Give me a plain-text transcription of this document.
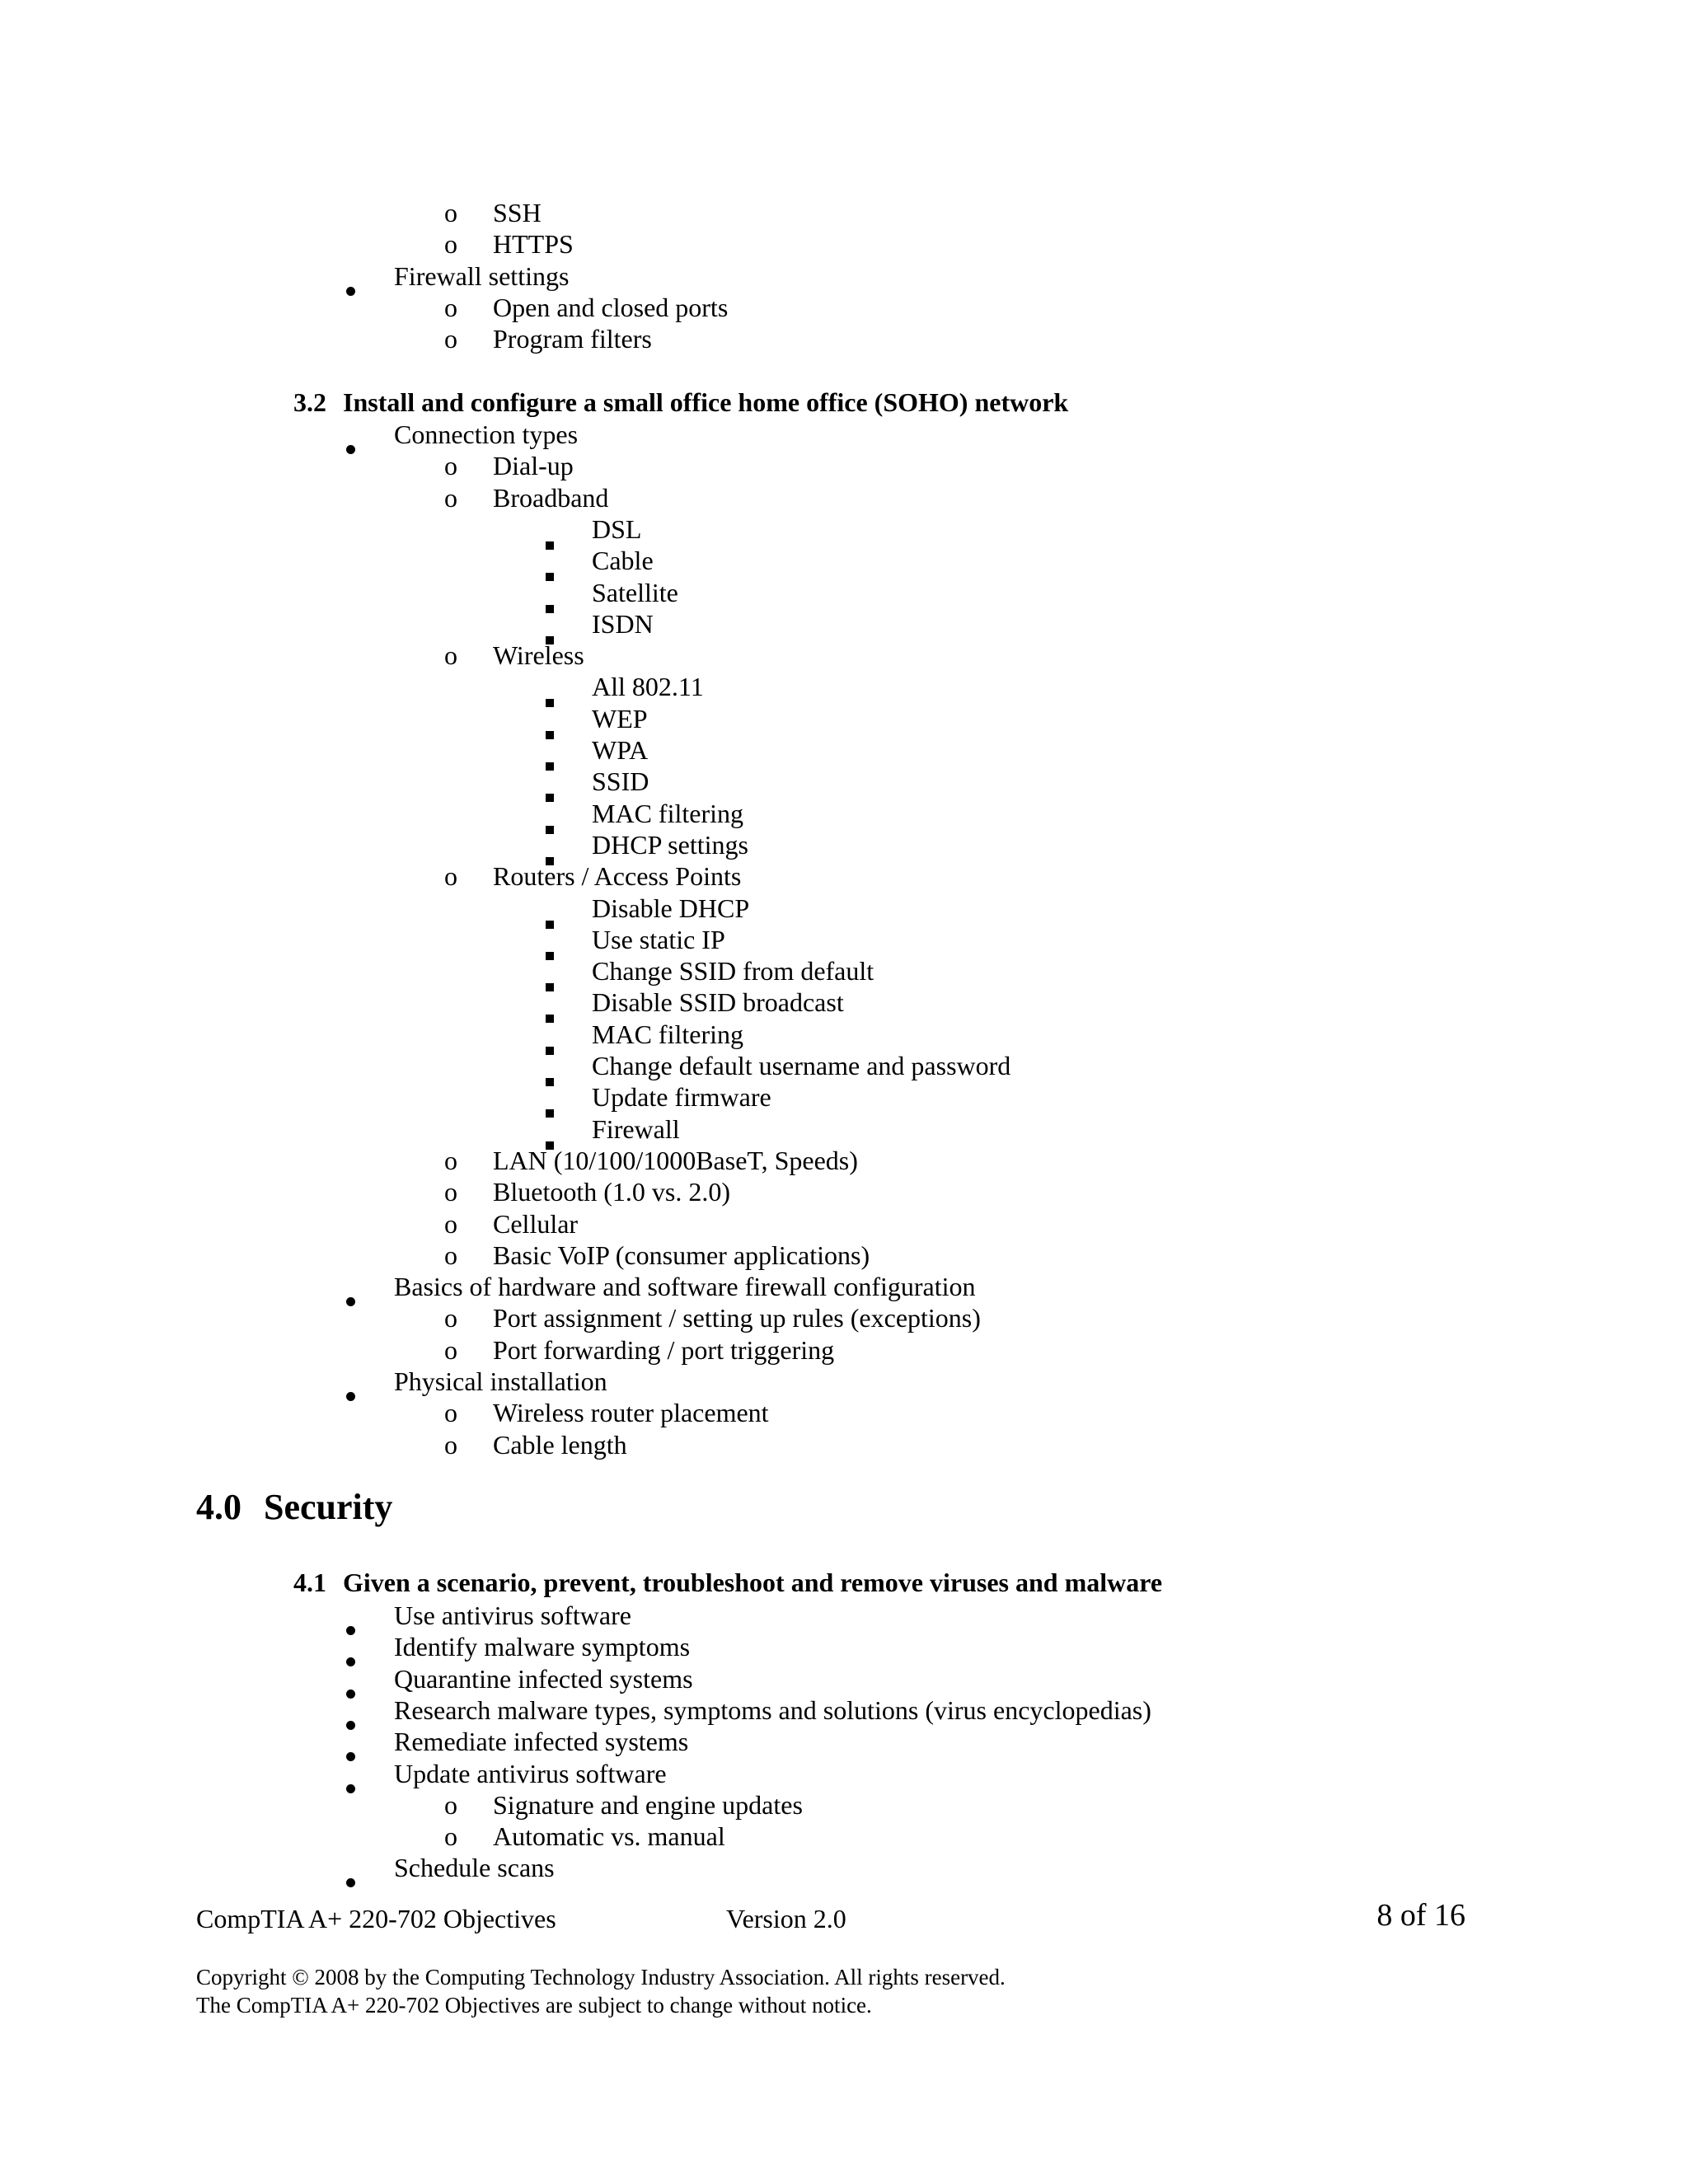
3.2 Install and configure a small office home office (SOHO) network
4.0 Security
4.1 Given a scenario, prevent, troubleshoot and remove viruses and malware
o SSH
o HTTPS
Firewall settings
o Open and closed ports
o Program filters
Connection types
o Dial-up
o Broadband
DSL
Cable
Satellite
ISDN
o Wireless
All 802.11
WEP
WPA
SSID
MAC filtering
DHCP settings
o Routers / Access Points
Disable DHCP
Use static IP
Change SSID from default
Disable SSID broadcast
MAC filtering
Change default username and password
Update firmware
Firewall
o LAN (10/100/1000BaseT, Speeds)
o Bluetooth (1.0 vs. 2.0)
o Cellular
o Basic VoIP (consumer applications)
Basics of hardware and software firewall configuration
o Port assignment / setting up rules (exceptions)
o Port forwarding / port triggering
Physical installation
o Wireless router placement
o Cable length
Use antivirus software
Identify malware symptoms
Quarantine infected systems
Research malware types, symptoms and solutions (virus encyclopedias)
Remediate infected systems
Update antivirus software
o Signature and engine updates
o Automatic vs. manual
Schedule scans
CompTIA A+ 220-702 Objectives	Version 2.0	8 of 16
Copyright © 2008 by the Computing Technology Industry Association. All rights reserved.
The CompTIA A+ 220-702 Objectives are subject to change without notice.
